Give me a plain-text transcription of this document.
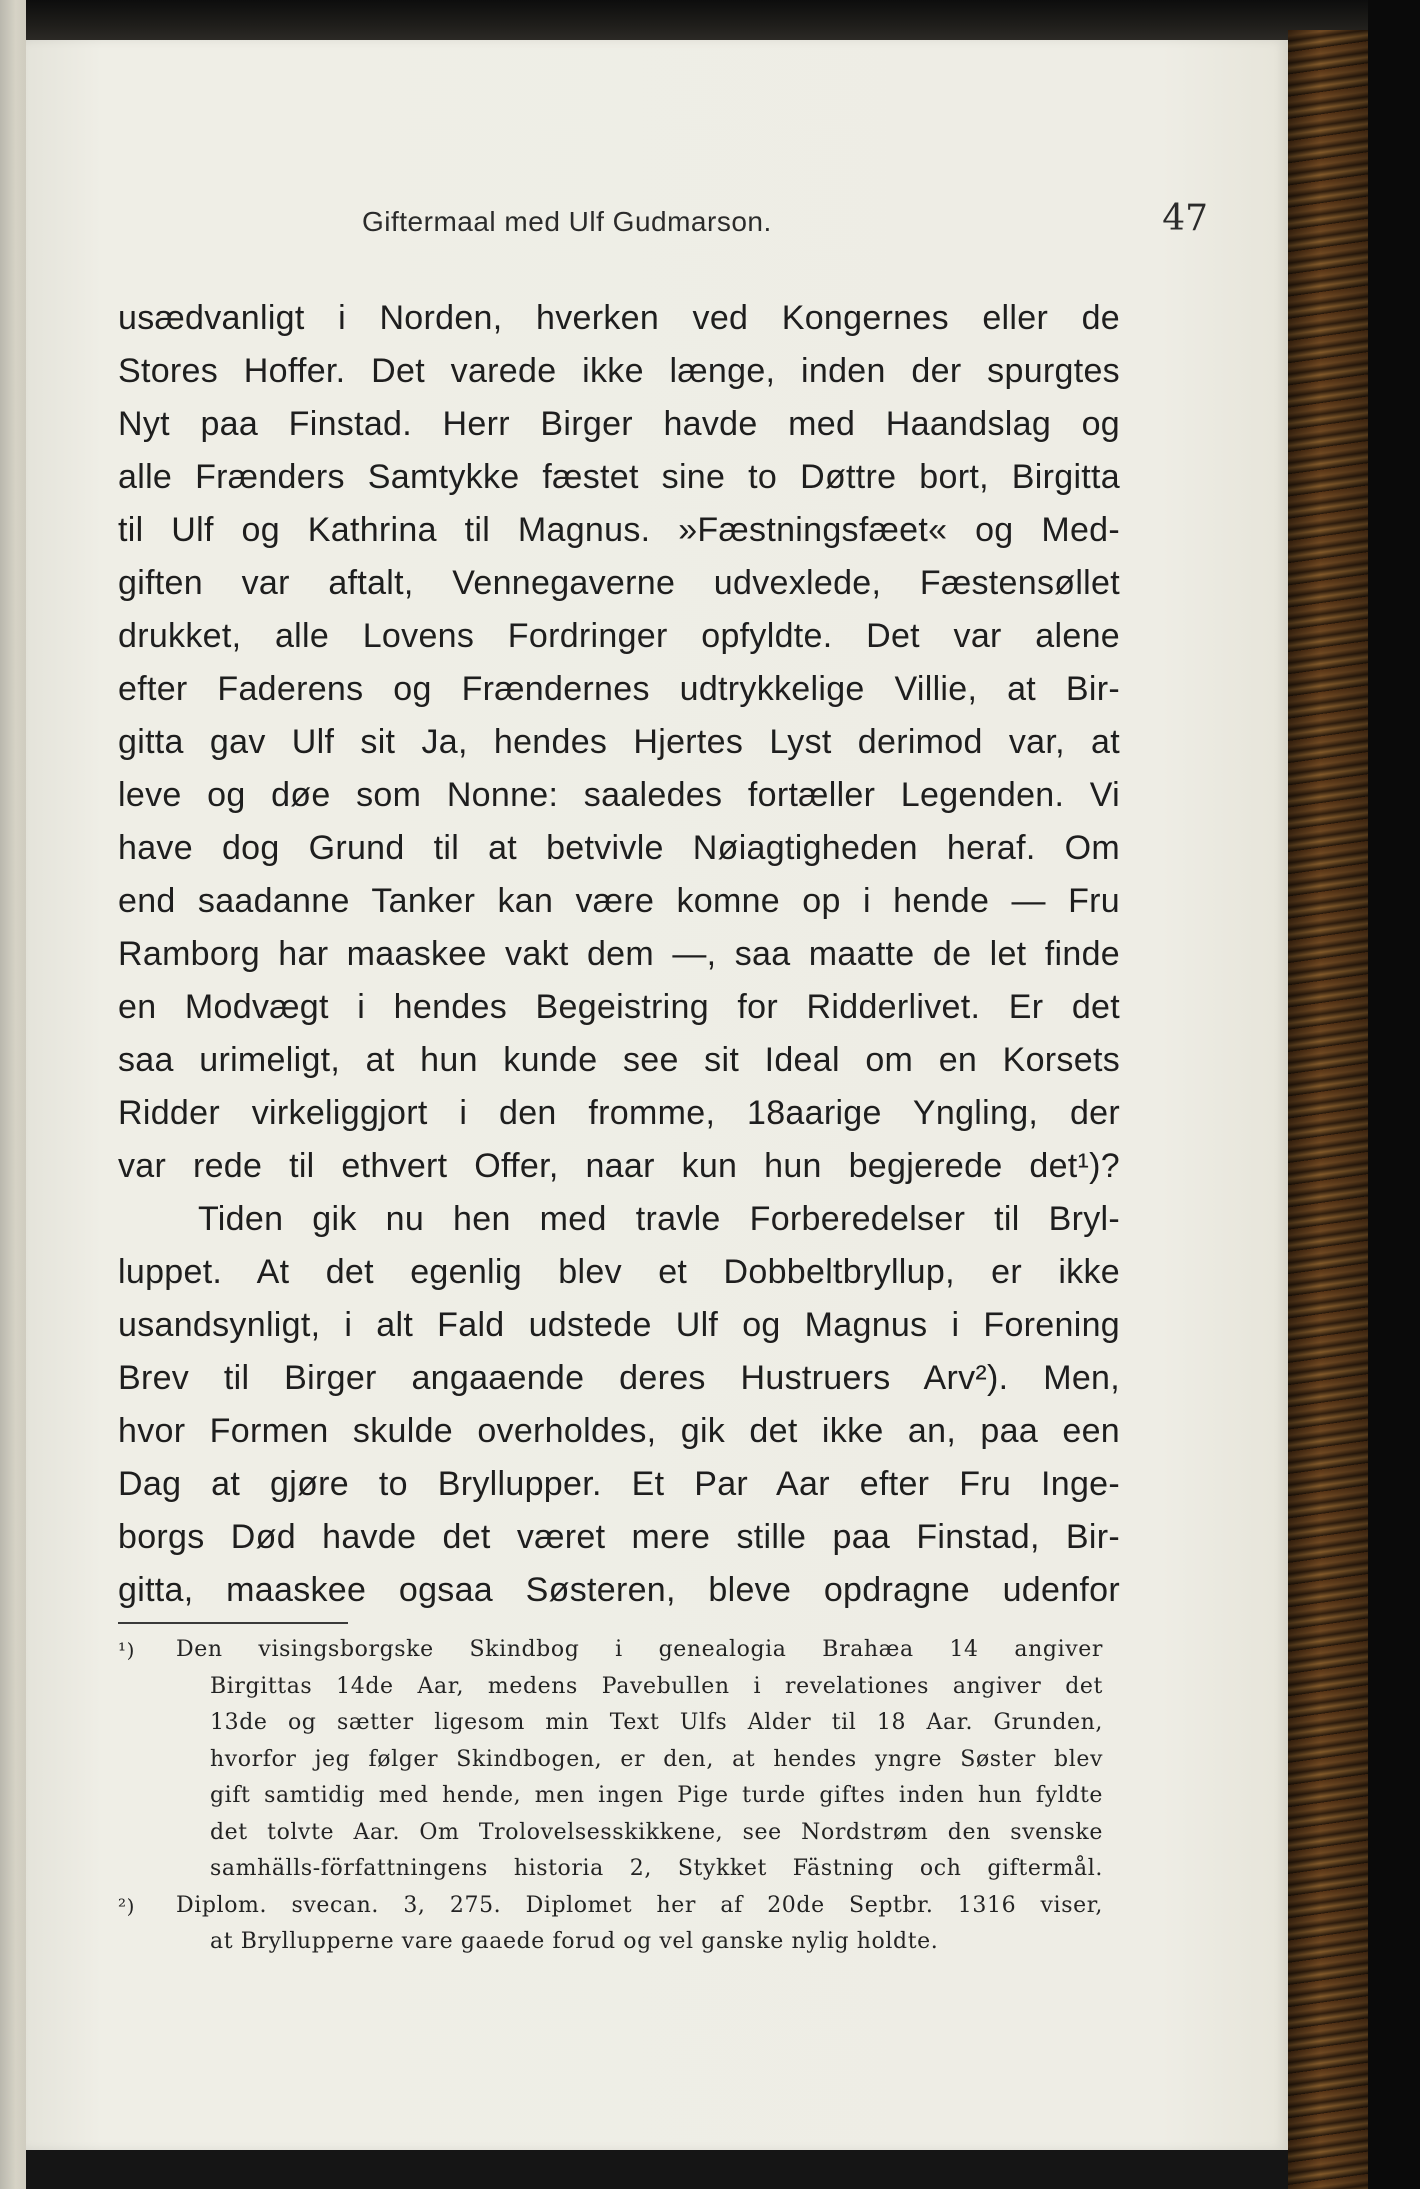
Giftermaal med Ulf Gudmarson.	47
usædvanligt i Norden, hverken ved Kongernes eller de
Stores Hoffer. Det varede ikke længe, inden der spurgtes
Nyt paa Finstad. Herr Birger havde med Haandslag og
alle Frænders Samtykke fæstet sine to Døttre bort, Birgitta
til Ulf og Kathrina til Magnus. »Fæstningsfæet« og Med-
giften var aftalt, Vennegaverne udvexlede, Fæstensøllet
drukket, alle Lovens Fordringer opfyldte. Det var alene
efter Faderens og Frændernes udtrykkelige Villie, at Bir-
gitta gav Ulf sit Ja, hendes Hjertes Lyst derimod var, at
leve og døe som Nonne: saaledes fortæller Legenden. Vi
have dog Grund til at betvivle Nøiagtigheden heraf. Om
end saadanne Tanker kan være komne op i hende — Fru
Ramborg har maaskee vakt dem —, saa maatte de let finde
en Modvægt i hendes Begeistring for Ridderlivet. Er det
saa urimeligt, at hun kunde see sit Ideal om en Korsets
Ridder virkeliggjort i den fromme, 18aarige Yngling, der
var rede til ethvert Offer, naar kun hun begjerede det¹)?
Tiden gik nu hen med travle Forberedelser til Bryl-
luppet. At det egenlig blev et Dobbeltbryllup, er ikke
usandsynligt, i alt Fald udstede Ulf og Magnus i Forening
Brev til Birger angaaende deres Hustruers Arv²). Men,
hvor Formen skulde overholdes, gik det ikke an, paa een
Dag at gjøre to Bryllupper. Et Par Aar efter Fru Inge-
borgs Død havde det været mere stille paa Finstad, Bir-
gitta, maaskee ogsaa Søsteren, bleve opdragne udenfor
¹) Den visingsborgske Skindbog i genealogia Brahæa 14 angiver
Birgittas 14de Aar, medens Pavebullen i revelationes angiver det
13de og sætter ligesom min Text Ulfs Alder til 18 Aar. Grunden,
hvorfor jeg følger Skindbogen, er den, at hendes yngre Søster blev
gift samtidig med hende, men ingen Pige turde giftes inden hun fyldte
det tolvte Aar. Om Trolovelsesskikkene, see Nordstrøm den svenske
samhälls-författningens historia 2, Stykket Fästning och giftermål.
²) Diplom. svecan. 3, 275. Diplomet her af 20de Septbr. 1316 viser,
at Bryllupperne vare gaaede forud og vel ganske nylig holdte.
